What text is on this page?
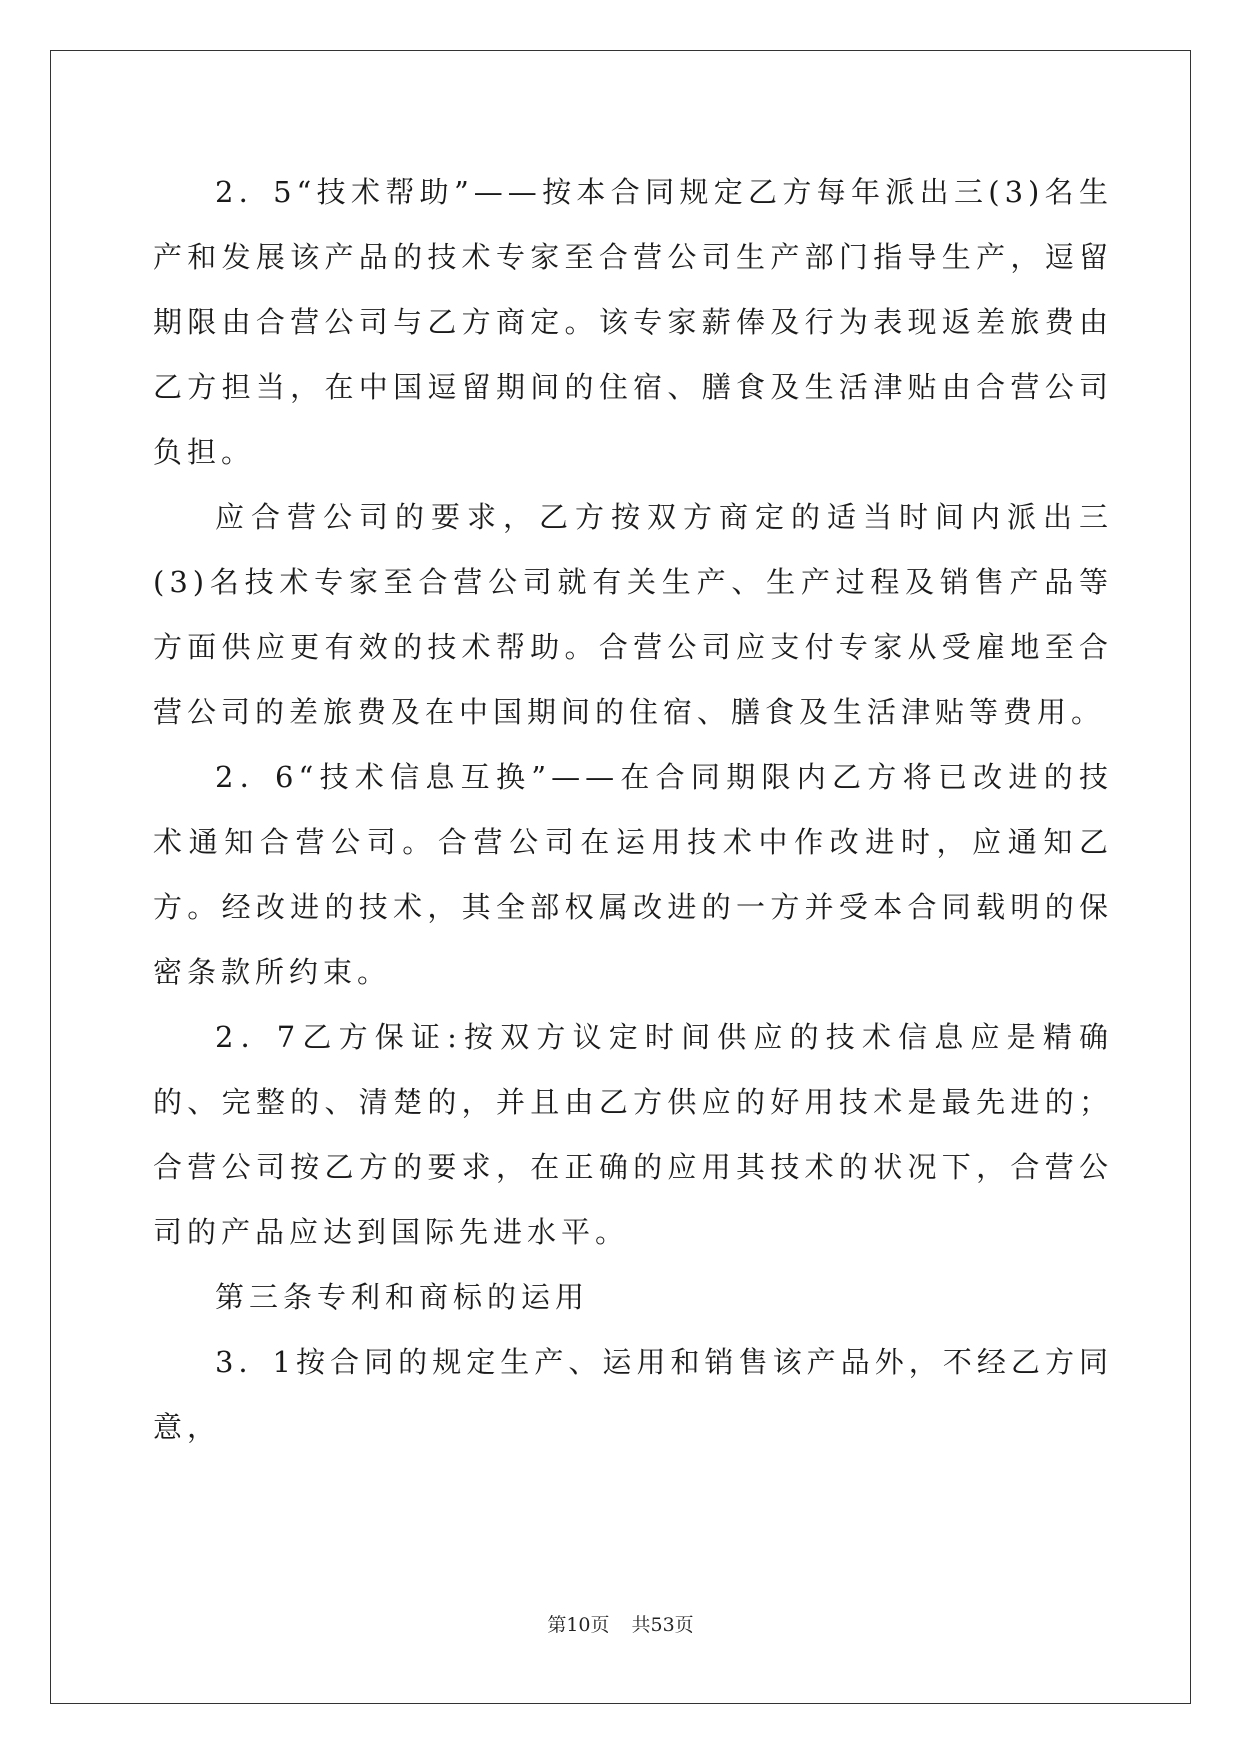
2．5“技术帮助”——按本合同规定乙方每年派出三(3)名生产和发展该产品的技术专家至合营公司生产部门指导生产，逗留期限由合营公司与乙方商定。该专家薪俸及行为表现返差旅费由乙方担当，在中国逗留期间的住宿、膳食及生活津贴由合营公司负担。

应合营公司的要求，乙方按双方商定的适当时间内派出三(3)名技术专家至合营公司就有关生产、生产过程及销售产品等方面供应更有效的技术帮助。合营公司应支付专家从受雇地至合营公司的差旅费及在中国期间的住宿、膳食及生活津贴等费用。

2．6“技术信息互换”——在合同期限内乙方将已改进的技术通知合营公司。合营公司在运用技术中作改进时，应通知乙方。经改进的技术，其全部权属改进的一方并受本合同载明的保密条款所约束。

2．7乙方保证:按双方议定时间供应的技术信息应是精确的、完整的、清楚的，并且由乙方供应的好用技术是最先进的；合营公司按乙方的要求，在正确的应用其技术的状况下，合营公司的产品应达到国际先进水平。

第三条专利和商标的运用

3．1按合同的规定生产、运用和销售该产品外，不经乙方同意，

第10页 共53页
